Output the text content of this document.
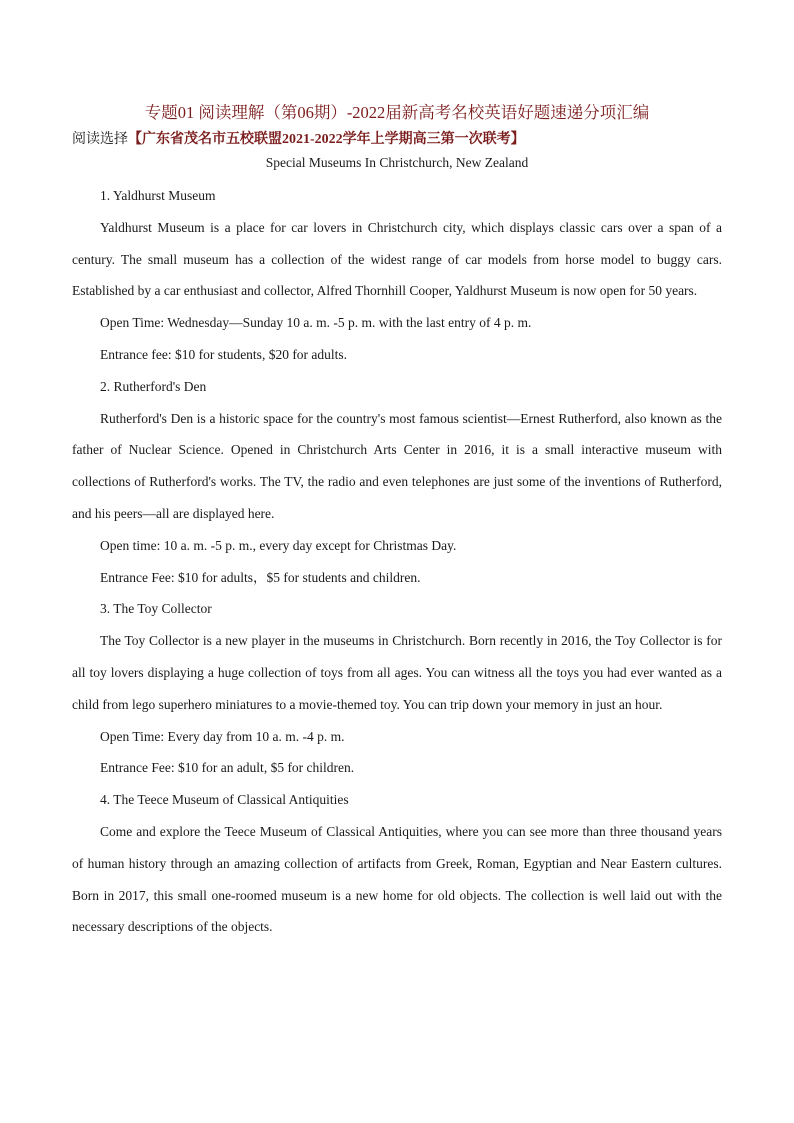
专题01 阅读理解（第06期）-2022届新高考名校英语好题速递分项汇编
阅读选择【广东省茂名市五校联盟2021-2022学年上学期高三第一次联考】
Special Museums In Christchurch, New Zealand

1. Yaldhurst Museum

Yaldhurst Museum is a place for car lovers in Christchurch city, which displays classic cars over a span of a century. The small museum has a collection of the widest range of car models from horse model to buggy cars. Established by a car enthusiast and collector, Alfred Thornhill Cooper, Yaldhurst Museum is now open for 50 years.

Open Time: Wednesday—Sunday 10 a. m. -5 p. m. with the last entry of 4 p. m.

Entrance fee: $10 for students, $20 for adults.

2. Rutherford's Den

Rutherford's Den is a historic space for the country's most famous scientist—Ernest Rutherford, also known as the father of Nuclear Science. Opened in Christchurch Arts Center in 2016, it is a small interactive museum with collections of Rutherford's works. The TV, the radio and even telephones are just some of the inventions of Rutherford, and his peers—all are displayed here.

Open time: 10 a. m. -5 p. m., every day except for Christmas Day.

Entrance Fee: $10 for adults，$5 for students and children.

3. The Toy Collector

The Toy Collector is a new player in the museums in Christchurch. Born recently in 2016, the Toy Collector is for all toy lovers displaying a huge collection of toys from all ages. You can witness all the toys you had ever wanted as a child from lego superhero miniatures to a movie-themed toy. You can trip down your memory in just an hour.

Open Time: Every day from 10 a. m. -4 p. m.

Entrance Fee: $10 for an adult, $5 for children.

4. The Teece Museum of Classical Antiquities

Come and explore the Teece Museum of Classical Antiquities, where you can see more than three thousand years of human history through an amazing collection of artifacts from Greek, Roman, Egyptian and Near Eastern cultures. Born in 2017, this small one-roomed museum is a new home for old objects. The collection is well laid out with the necessary descriptions of the objects.
